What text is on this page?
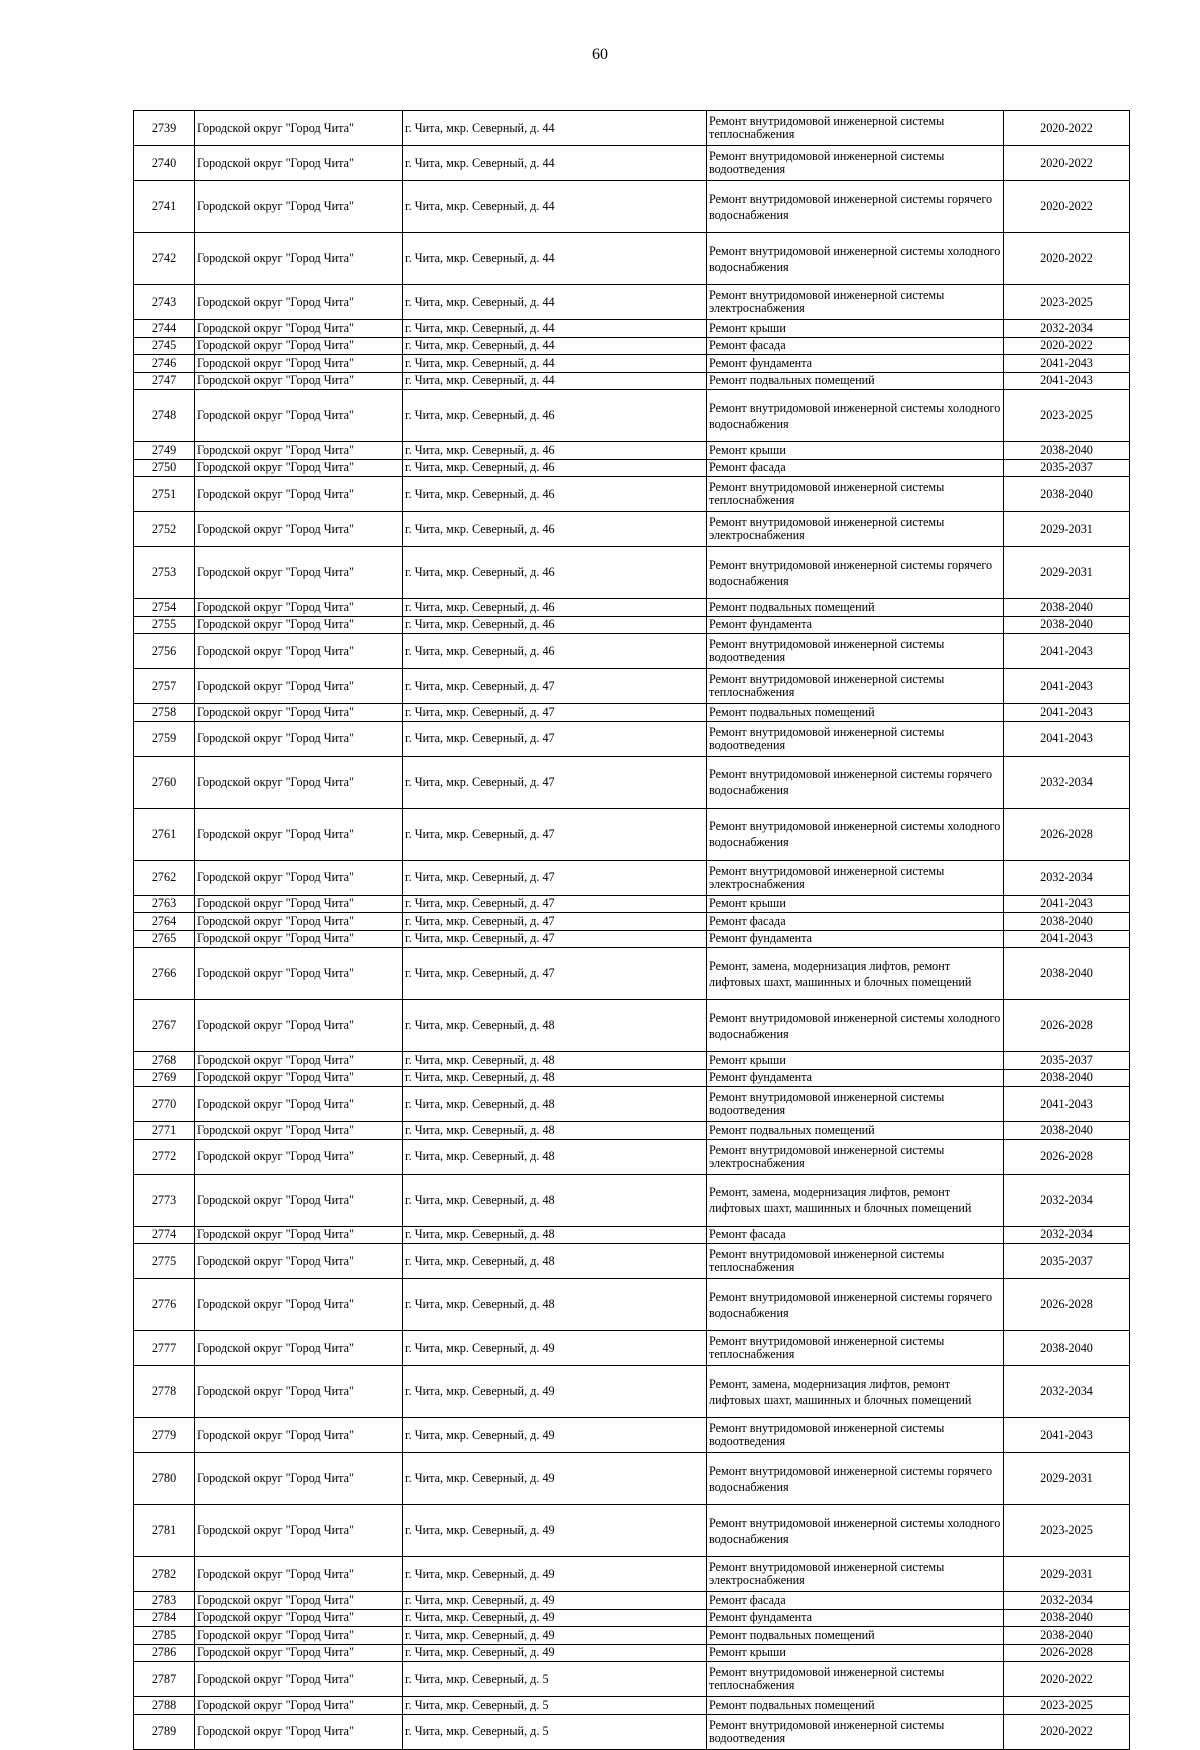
60
2739	Городской округ "Город Чита"	г. Чита, мкр. Северный, д. 44	Ремонт внутридомовой инженерной системы теплоснабжения	2020-2022
2740	Городской округ "Город Чита"	г. Чита, мкр. Северный, д. 44	Ремонт внутридомовой инженерной системы водоотведения	2020-2022
2741	Городской округ "Город Чита"	г. Чита, мкр. Северный, д. 44	Ремонт внутридомовой инженерной системы горячего водоснабжения	2020-2022
2742	Городской округ "Город Чита"	г. Чита, мкр. Северный, д. 44	Ремонт внутридомовой инженерной системы холодного водоснабжения	2020-2022
2743	Городской округ "Город Чита"	г. Чита, мкр. Северный, д. 44	Ремонт внутридомовой инженерной системы электроснабжения	2023-2025
2744	Городской округ "Город Чита"	г. Чита, мкр. Северный, д. 44	Ремонт крыши	2032-2034
2745	Городской округ "Город Чита"	г. Чита, мкр. Северный, д. 44	Ремонт фасада	2020-2022
2746	Городской округ "Город Чита"	г. Чита, мкр. Северный, д. 44	Ремонт фундамента	2041-2043
2747	Городской округ "Город Чита"	г. Чита, мкр. Северный, д. 44	Ремонт подвальных помещений	2041-2043
2748	Городской округ "Город Чита"	г. Чита, мкр. Северный, д. 46	Ремонт внутридомовой инженерной системы холодного водоснабжения	2023-2025
2749	Городской округ "Город Чита"	г. Чита, мкр. Северный, д. 46	Ремонт крыши	2038-2040
2750	Городской округ "Город Чита"	г. Чита, мкр. Северный, д. 46	Ремонт фасада	2035-2037
2751	Городской округ "Город Чита"	г. Чита, мкр. Северный, д. 46	Ремонт внутридомовой инженерной системы теплоснабжения	2038-2040
2752	Городской округ "Город Чита"	г. Чита, мкр. Северный, д. 46	Ремонт внутридомовой инженерной системы электроснабжения	2029-2031
2753	Городской округ "Город Чита"	г. Чита, мкр. Северный, д. 46	Ремонт внутридомовой инженерной системы горячего водоснабжения	2029-2031
2754	Городской округ "Город Чита"	г. Чита, мкр. Северный, д. 46	Ремонт подвальных помещений	2038-2040
2755	Городской округ "Город Чита"	г. Чита, мкр. Северный, д. 46	Ремонт фундамента	2038-2040
2756	Городской округ "Город Чита"	г. Чита, мкр. Северный, д. 46	Ремонт внутридомовой инженерной системы водоотведения	2041-2043
2757	Городской округ "Город Чита"	г. Чита, мкр. Северный, д. 47	Ремонт внутридомовой инженерной системы теплоснабжения	2041-2043
2758	Городской округ "Город Чита"	г. Чита, мкр. Северный, д. 47	Ремонт подвальных помещений	2041-2043
2759	Городской округ "Город Чита"	г. Чита, мкр. Северный, д. 47	Ремонт внутридомовой инженерной системы водоотведения	2041-2043
2760	Городской округ "Город Чита"	г. Чита, мкр. Северный, д. 47	Ремонт внутридомовой инженерной системы горячего водоснабжения	2032-2034
2761	Городской округ "Город Чита"	г. Чита, мкр. Северный, д. 47	Ремонт внутридомовой инженерной системы холодного водоснабжения	2026-2028
2762	Городской округ "Город Чита"	г. Чита, мкр. Северный, д. 47	Ремонт внутридомовой инженерной системы электроснабжения	2032-2034
2763	Городской округ "Город Чита"	г. Чита, мкр. Северный, д. 47	Ремонт крыши	2041-2043
2764	Городской округ "Город Чита"	г. Чита, мкр. Северный, д. 47	Ремонт фасада	2038-2040
2765	Городской округ "Город Чита"	г. Чита, мкр. Северный, д. 47	Ремонт фундамента	2041-2043
2766	Городской округ "Город Чита"	г. Чита, мкр. Северный, д. 47	Ремонт, замена, модернизация лифтов, ремонт лифтовых шахт, машинных и блочных помещений	2038-2040
2767	Городской округ "Город Чита"	г. Чита, мкр. Северный, д. 48	Ремонт внутридомовой инженерной системы холодного водоснабжения	2026-2028
2768	Городской округ "Город Чита"	г. Чита, мкр. Северный, д. 48	Ремонт крыши	2035-2037
2769	Городской округ "Город Чита"	г. Чита, мкр. Северный, д. 48	Ремонт фундамента	2038-2040
2770	Городской округ "Город Чита"	г. Чита, мкр. Северный, д. 48	Ремонт внутридомовой инженерной системы водоотведения	2041-2043
2771	Городской округ "Город Чита"	г. Чита, мкр. Северный, д. 48	Ремонт подвальных помещений	2038-2040
2772	Городской округ "Город Чита"	г. Чита, мкр. Северный, д. 48	Ремонт внутридомовой инженерной системы электроснабжения	2026-2028
2773	Городской округ "Город Чита"	г. Чита, мкр. Северный, д. 48	Ремонт, замена, модернизация лифтов, ремонт лифтовых шахт, машинных и блочных помещений	2032-2034
2774	Городской округ "Город Чита"	г. Чита, мкр. Северный, д. 48	Ремонт фасада	2032-2034
2775	Городской округ "Город Чита"	г. Чита, мкр. Северный, д. 48	Ремонт внутридомовой инженерной системы теплоснабжения	2035-2037
2776	Городской округ "Город Чита"	г. Чита, мкр. Северный, д. 48	Ремонт внутридомовой инженерной системы горячего водоснабжения	2026-2028
2777	Городской округ "Город Чита"	г. Чита, мкр. Северный, д. 49	Ремонт внутридомовой инженерной системы теплоснабжения	2038-2040
2778	Городской округ "Город Чита"	г. Чита, мкр. Северный, д. 49	Ремонт, замена, модернизация лифтов, ремонт лифтовых шахт, машинных и блочных помещений	2032-2034
2779	Городской округ "Город Чита"	г. Чита, мкр. Северный, д. 49	Ремонт внутридомовой инженерной системы водоотведения	2041-2043
2780	Городской округ "Город Чита"	г. Чита, мкр. Северный, д. 49	Ремонт внутридомовой инженерной системы горячего водоснабжения	2029-2031
2781	Городской округ "Город Чита"	г. Чита, мкр. Северный, д. 49	Ремонт внутридомовой инженерной системы холодного водоснабжения	2023-2025
2782	Городской округ "Город Чита"	г. Чита, мкр. Северный, д. 49	Ремонт внутридомовой инженерной системы электроснабжения	2029-2031
2783	Городской округ "Город Чита"	г. Чита, мкр. Северный, д. 49	Ремонт фасада	2032-2034
2784	Городской округ "Город Чита"	г. Чита, мкр. Северный, д. 49	Ремонт фундамента	2038-2040
2785	Городской округ "Город Чита"	г. Чита, мкр. Северный, д. 49	Ремонт подвальных помещений	2038-2040
2786	Городской округ "Город Чита"	г. Чита, мкр. Северный, д. 49	Ремонт крыши	2026-2028
2787	Городской округ "Город Чита"	г. Чита, мкр. Северный, д. 5	Ремонт внутридомовой инженерной системы теплоснабжения	2020-2022
2788	Городской округ "Город Чита"	г. Чита, мкр. Северный, д. 5	Ремонт подвальных помещений	2023-2025
2789	Городской округ "Город Чита"	г. Чита, мкр. Северный, д. 5	Ремонт внутридомовой инженерной системы водоотведения	2020-2022
